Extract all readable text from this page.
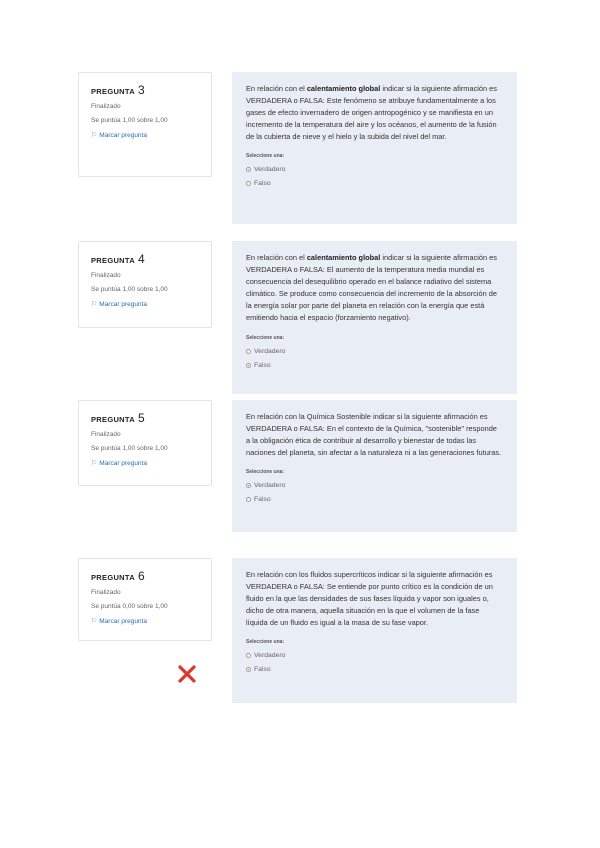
PREGUNTA 3
Finalizado
Se puntúa 1,00 sobre 1,00
⚐ Marcar pregunta
En relación con el calentamiento global indicar si la siguiente afirmación es VERDADERA o FALSA: Este fenómeno se atribuye fundamentalmente a los gases de efecto invernadero de origen antropogénico y se manifiesta en un incremento de la temperatura del aire y los océanos, el aumento de la fusión de la cubierta de nieve y el hielo y la subida del nivel del mar.
Seleccione una:
Verdadero
Falso
PREGUNTA 4
Finalizado
Se puntúa 1,00 sobre 1,00
⚐ Marcar pregunta
En relación con el calentamiento global indicar si la siguiente afirmación es VERDADERA o FALSA: El aumento de la temperatura media mundial es consecuencia del desequilibrio operado en el balance radiativo del sistema climático. Se produce como consecuencia del incremento de la absorción de la energía solar por parte del planeta en relación con la energía que está emitiendo hacia el espacio (forzamiento negativo).
Seleccione una:
Verdadero
Falso
PREGUNTA 5
Finalizado
Se puntúa 1,00 sobre 1,00
⚐ Marcar pregunta
En relación con la Química Sostenible indicar si la siguiente afirmación es VERDADERA o FALSA: En el contexto de la Química, "sostenible" responde a la obligación ética de contribuir al desarrollo y bienestar de todas las naciones del planeta, sin afectar a la naturaleza ni a las generaciones futuras.
Seleccione una:
Verdadero
Falso
PREGUNTA 6
Finalizado
Se puntúa 0,00 sobre 1,00
⚐ Marcar pregunta
En relación con los fluidos supercríticos indicar si la siguiente afirmación es VERDADERA o FALSA: Se entiende por punto crítico es la condición de un fluido en la que las densidades de sus fases líquida y vapor son iguales o, dicho de otra manera, aquella situación en la que el volumen de la fase líquida de un fluido es igual a la masa de su fase vapor.
Seleccione una:
Verdadero
Falso
